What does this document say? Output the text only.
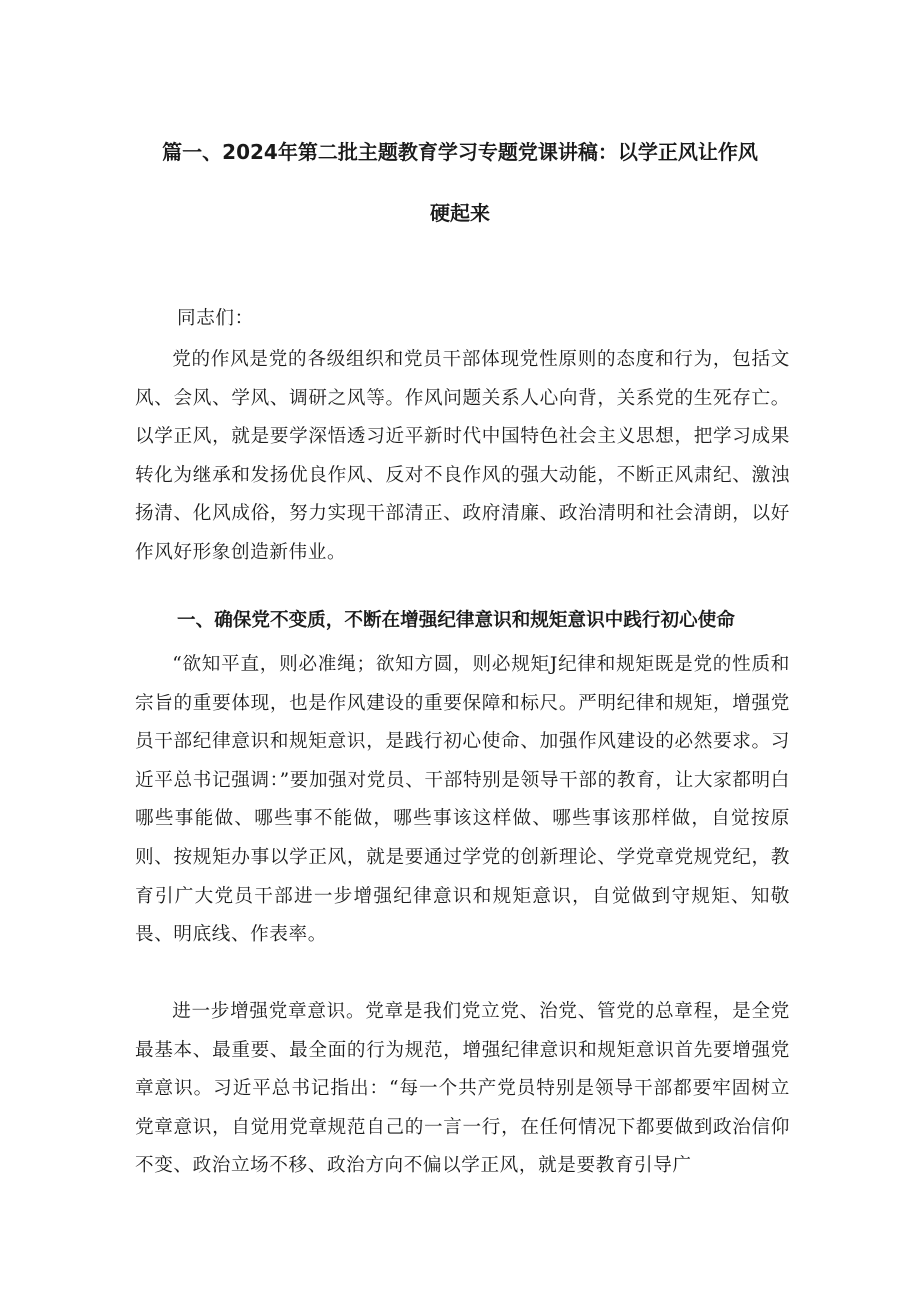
篇一、2024年第二批主题教育学习专题党课讲稿：以学正风让作风
硬起来
同志们：
党的作风是党的各级组织和党员干部体现党性原则的态度和行为，包括文风、会风、学风、调研之风等。作风问题关系人心向背，关系党的生死存亡。以学正风，就是要学深悟透习近平新时代中国特色社会主义思想，把学习成果转化为继承和发扬优良作风、反对不良作风的强大动能，不断正风肃纪、激浊扬清、化风成俗，努力实现干部清正、政府清廉、政治清明和社会清朗，以好作风好形象创造新伟业。
一、确保党不变质，不断在增强纪律意识和规矩意识中践行初心使命
“欲知平直，则必准绳；欲知方圆，则必规矩J纪律和规矩既是党的性质和宗旨的重要体现，也是作风建设的重要保障和标尺。严明纪律和规矩，增强党员干部纪律意识和规矩意识，是践行初心使命、加强作风建设的必然要求。习近平总书记强调：”要加强对党员、干部特别是领导干部的教育，让大家都明白哪些事能做、哪些事不能做，哪些事该这样做、哪些事该那样做，自觉按原则、按规矩办事以学正风，就是要通过学党的创新理论、学党章党规党纪，教育引广大党员干部进一步增强纪律意识和规矩意识，自觉做到守规矩、知敬畏、明底线、作表率。
进一步增强党章意识。党章是我们党立党、治党、管党的总章程，是全党最基本、最重要、最全面的行为规范，增强纪律意识和规矩意识首先要增强党章意识。习近平总书记指出：“每一个共产党员特别是领导干部都要牢固树立党章意识，自觉用党章规范自己的一言一行，在任何情况下都要做到政治信仰不变、政治立场不移、政治方向不偏以学正风，就是要教育引导广
